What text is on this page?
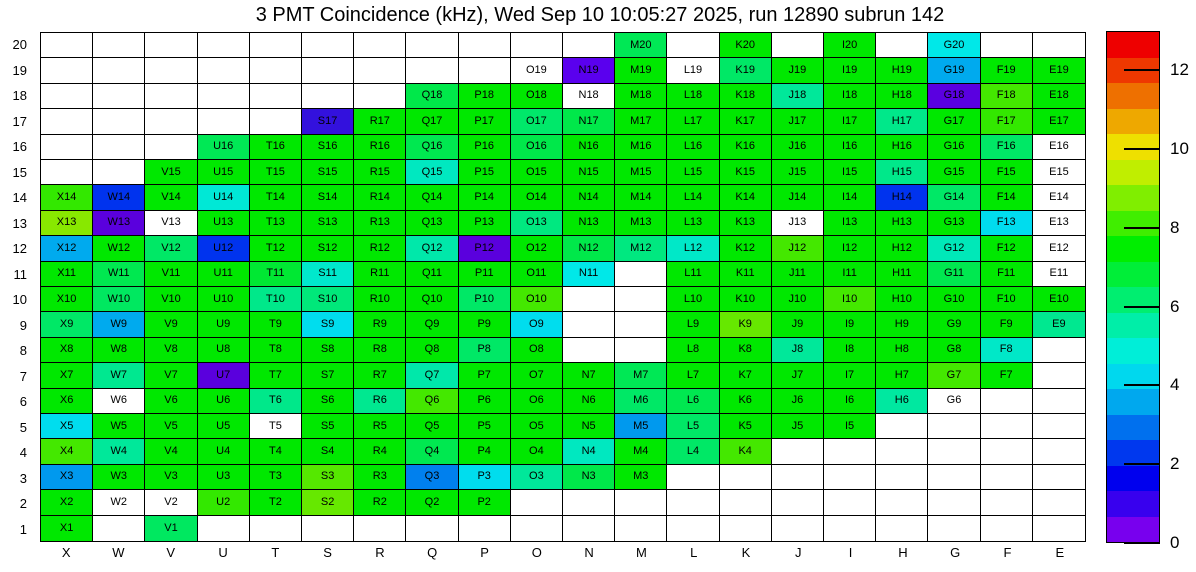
3 PMT Coincidence (kHz), Wed Sep 10 10:05:27 2025, run 12890 subrun 142
20
19
18
17
16
15
14
13
12
11
10
9
8
7
6
5
4
3
2
1
M20	K20	I20	G20
O19	N19	M19	L19	K19	J19	I19	H19	G19	F19	E19
Q18	P18	O18	N18	M18	L18	K18	J18	I18	H18	G18	F18	E18
S17	R17	Q17	P17	O17	N17	M17	L17	K17	J17	I17	H17	G17	F17	E17
U16	T16	S16	R16	Q16	P16	O16	N16	M16	L16	K16	J16	I16	H16	G16	F16	E16
V15	U15	T15	S15	R15	Q15	P15	O15	N15	M15	L15	K15	J15	I15	H15	G15	F15	E15
X14	W14	V14	U14	T14	S14	R14	Q14	P14	O14	N14	M14	L14	K14	J14	I14	H14	G14	F14	E14
X13	W13	V13	U13	T13	S13	R13	Q13	P13	O13	N13	M13	L13	K13	J13	I13	H13	G13	F13	E13
X12	W12	V12	U12	T12	S12	R12	Q12	P12	O12	N12	M12	L12	K12	J12	I12	H12	G12	F12	E12
X11	W11	V11	U11	T11	S11	R11	Q11	P11	O11	N11	L11	K11	J11	I11	H11	G11	F11	E11
X10	W10	V10	U10	T10	S10	R10	Q10	P10	O10	L10	K10	J10	I10	H10	G10	F10	E10
X9	W9	V9	U9	T9	S9	R9	Q9	P9	O9	L9	K9	J9	I9	H9	G9	F9	E9
X8	W8	V8	U8	T8	S8	R8	Q8	P8	O8	L8	K8	J8	I8	H8	G8	F8
X7	W7	V7	U7	T7	S7	R7	Q7	P7	O7	N7	M7	L7	K7	J7	I7	H7	G7	F7
X6	W6	V6	U6	T6	S6	R6	Q6	P6	O6	N6	M6	L6	K6	J6	I6	H6	G6
X5	W5	V5	U5	T5	S5	R5	Q5	P5	O5	N5	M5	L5	K5	J5	I5
X4	W4	V4	U4	T4	S4	R4	Q4	P4	O4	N4	M4	L4	K4
X3	W3	V3	U3	T3	S3	R3	Q3	P3	O3	N3	M3
X2	W2	V2	U2	T2	S2	R2	Q2	P2
X1	V1
X	W	V	U	T	S	R	Q	P	O	N	M	L	K	J	I	H	G	F	E
0
2
4
6
8
10
12
